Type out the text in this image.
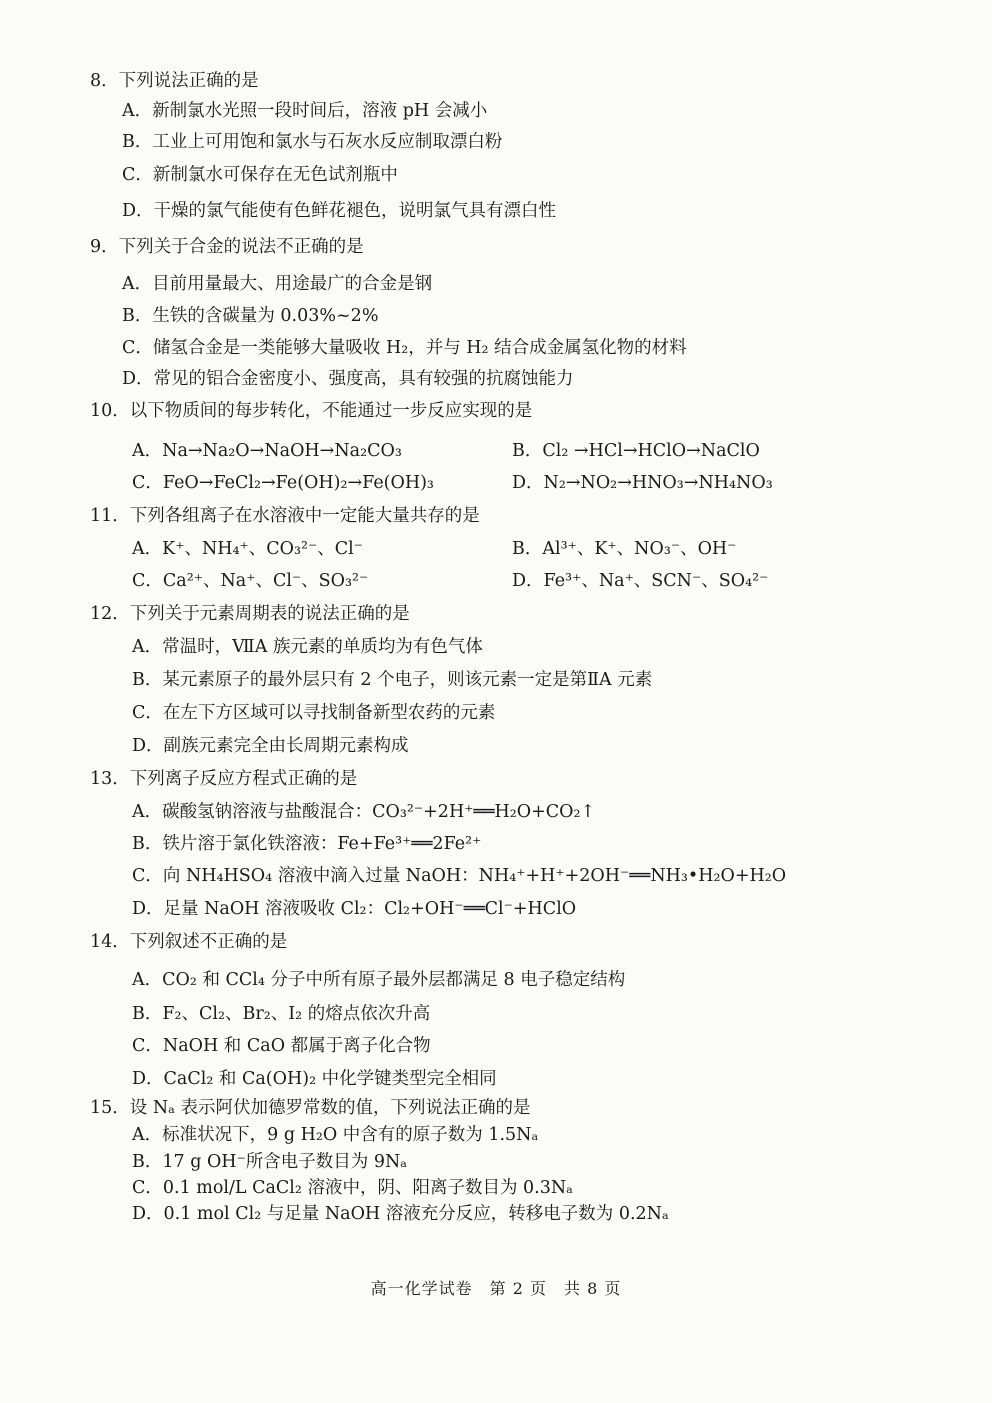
8．下列说法正确的是
A．新制氯水光照一段时间后，溶液 pH 会减小
B．工业上可用饱和氯水与石灰水反应制取漂白粉
C．新制氯水可保存在无色试剂瓶中
D．干燥的氯气能使有色鲜花褪色，说明氯气具有漂白性
9．下列关于合金的说法不正确的是
A．目前用量最大、用途最广的合金是钢
B．生铁的含碳量为 0.03%~2%
C．储氢合金是一类能够大量吸收 H₂，并与 H₂ 结合成金属氢化物的材料
D．常见的铝合金密度小、强度高，具有较强的抗腐蚀能力
10．以下物质间的每步转化，不能通过一步反应实现的是
A．Na→Na₂O→NaOH→Na₂CO₃	B．Cl₂ →HCl→HClO→NaClO
C．FeO→FeCl₂→Fe(OH)₂→Fe(OH)₃	D．N₂→NO₂→HNO₃→NH₄NO₃
11．下列各组离子在水溶液中一定能大量共存的是
A．K⁺、NH₄⁺、CO₃²⁻、Cl⁻	B．Al³⁺、K⁺、NO₃⁻、OH⁻
C．Ca²⁺、Na⁺、Cl⁻、SO₃²⁻	D．Fe³⁺、Na⁺、SCN⁻、SO₄²⁻
12．下列关于元素周期表的说法正确的是
A．常温时，ⅦA 族元素的单质均为有色气体
B．某元素原子的最外层只有 2 个电子，则该元素一定是第ⅡA 元素
C．在左下方区域可以寻找制备新型农药的元素
D．副族元素完全由长周期元素构成
13．下列离子反应方程式正确的是
A．碳酸氢钠溶液与盐酸混合：CO₃²⁻+2H⁺══H₂O+CO₂↑
B．铁片溶于氯化铁溶液：Fe+Fe³⁺══2Fe²⁺
C．向 NH₄HSO₄ 溶液中滴入过量 NaOH：NH₄⁺+H⁺+2OH⁻══NH₃•H₂O+H₂O
D．足量 NaOH 溶液吸收 Cl₂：Cl₂+OH⁻══Cl⁻+HClO
14．下列叙述不正确的是
A．CO₂ 和 CCl₄ 分子中所有原子最外层都满足 8 电子稳定结构
B．F₂、Cl₂、Br₂、I₂ 的熔点依次升高
C．NaOH 和 CaO 都属于离子化合物
D．CaCl₂ 和 Ca(OH)₂ 中化学键类型完全相同
15．设 Nₐ 表示阿伏加德罗常数的值，下列说法正确的是
A．标准状况下，9 g H₂O 中含有的原子数为 1.5Nₐ
B．17 g OH⁻所含电子数目为 9Nₐ
C．0.1 mol/L CaCl₂ 溶液中，阴、阳离子数目为 0.3Nₐ
D．0.1 mol Cl₂ 与足量 NaOH 溶液充分反应，转移电子数为 0.2Nₐ
高一化学试卷　第 2 页　共 8 页
